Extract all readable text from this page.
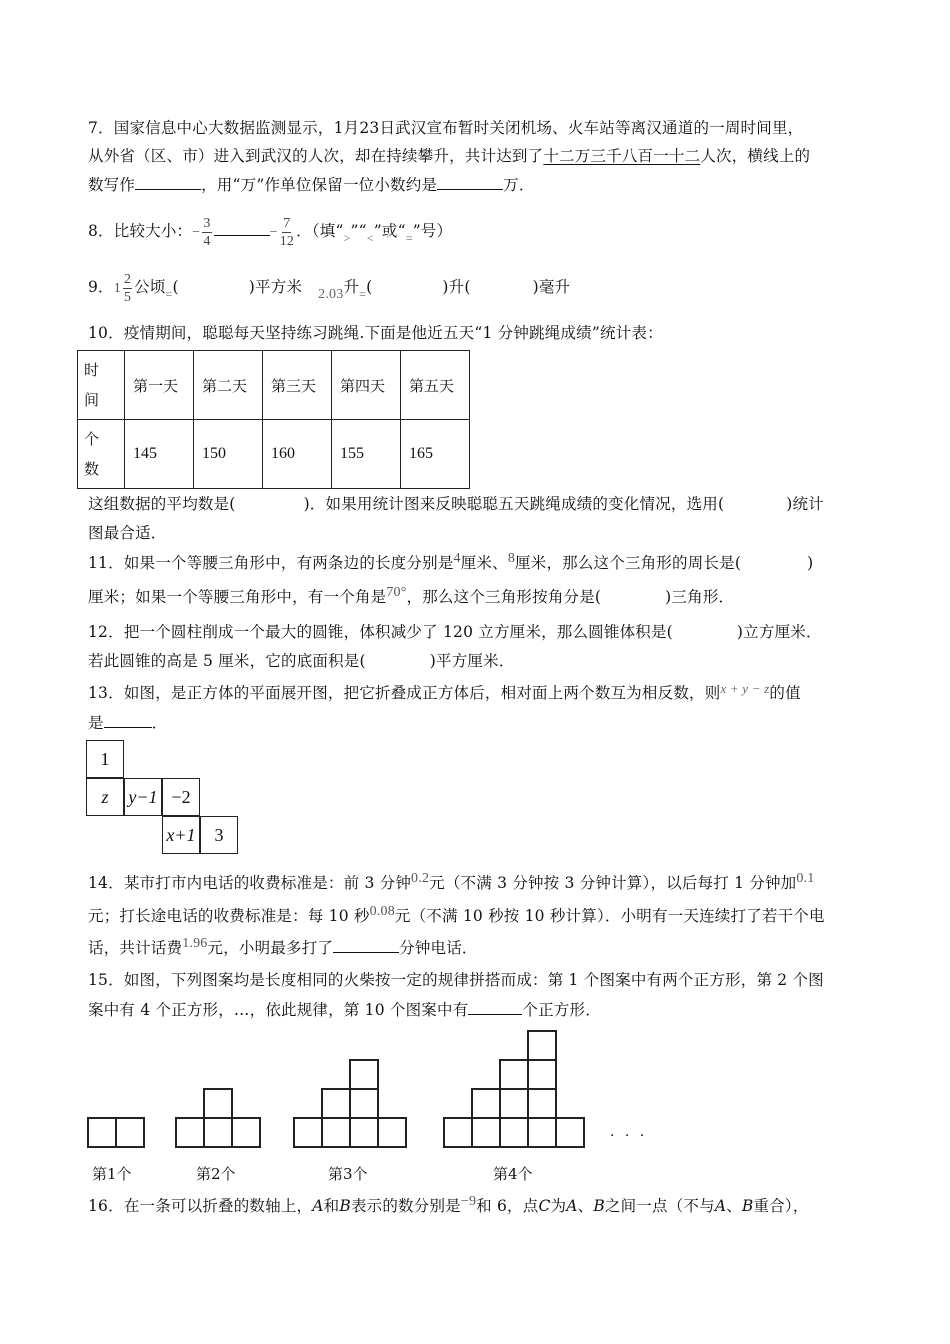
7．国家信息中心大数据监测显示，1月23日武汉宣布暂时关闭机场、火车站等离汉通道的一周时间里，
从外省（区、市）进入到武汉的人次，却在持续攀升，共计达到了十二万三千八百一十二人次，横线上的
数写作	，用“万”作单位保留一位小数约是	万．
8．比较大小：− $\frac{3}{4}$	− $\frac{7}{12}$ ．（填“$_>”“_<$”或“$_=$”号）
9．$1 \frac{2}{5}$ 公顷$_=$(	)平方米 2.03升$_=$(	)升(	)毫升
10．疫情期间，聪聪每天坚持练习跳绳.下面是他近五天“1 分钟跳绳成绩”统计表：
时
间	第一天	第二天	第三天	第四天	第五天
个
数	145	150	160	155	165
这组数据的平均数是(	)．如果用统计图来反映聪聪五天跳绳成绩的变化情况，选用(	)统计
图最合适．
11．如果一个等腰三角形中，有两条边的长度分别是4厘米、8厘米，那么这个三角形的周长是(	)
厘米；如果一个等腰三角形中，有一个角是70°，那么这个三角形按角分是(	)三角形．
12．把一个圆柱削成一个最大的圆锥，体积减少了 120 立方厘米，那么圆锥体积是(	)立方厘米．
若此圆锥的高是 5 厘米，它的底面积是(	)平方厘米．
13．如图，是正方体的平面展开图，把它折叠成正方体后，相对面上两个数互为相反数，则$^{x + y - z}$的值
是	．
1
z y−1 −2
x+1	3
14．某市打市内电话的收费标准是：前 3 分钟0.2元（不满 3 分钟按 3 分钟计算），以后每打 1 分钟加0.1
元；打长途电话的收费标准是：每 10 秒0.08元（不满 10 秒按 10 秒计算）．小明有一天连续打了若干个电
话，共计话费1.96元，小明最多打了	分钟电话．
15．如图，下列图案均是长度相同的火柴按一定的规律拼搭而成：第 1 个图案中有两个正方形，第 2 个图
案中有 4 个正方形，…，依此规律，第 10 个图案中有	个正方形．
· · ·
第1个	第2个	第3个	第4个
16．在一条可以折叠的数轴上，A和B表示的数分别是−9和 6，点C为A、B之间一点（不与A、B重合），
